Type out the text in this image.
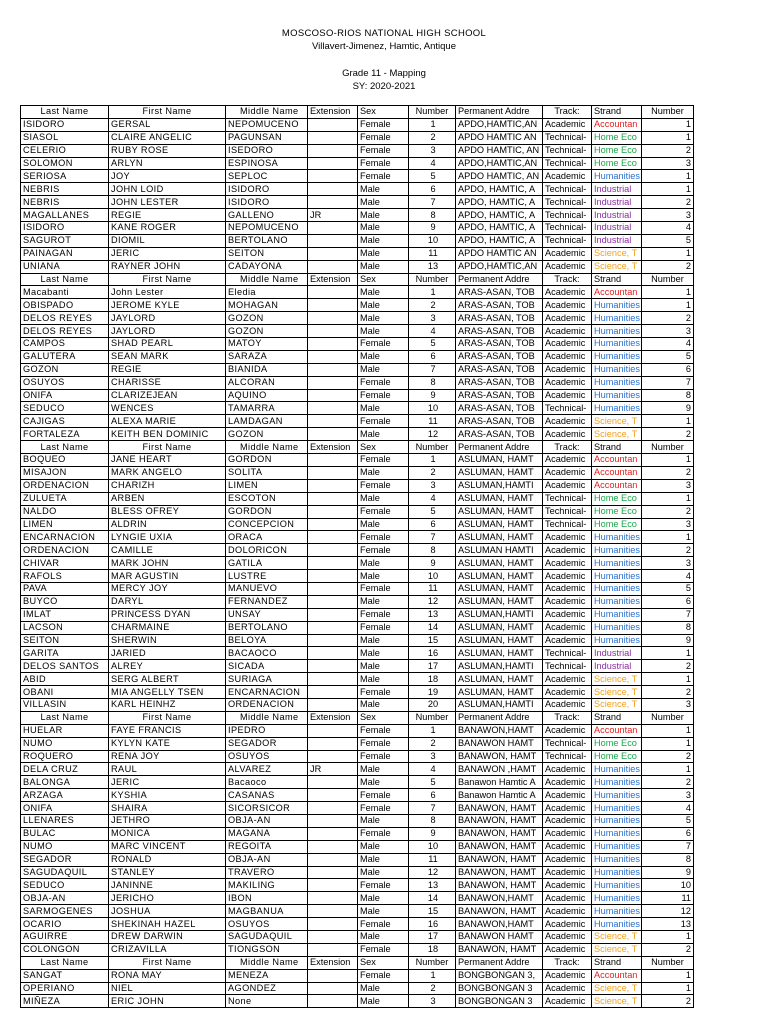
MOSCOSO-RIOS NATIONAL HIGH SCHOOL
Villavert-Jimenez, Hamtic, Antique
Grade 11 - Mapping
SY: 2020-2021
Last Name	First Name	Middle Name	Extension	Sex	Number	Permanent Addre	Track:	Strand	Number
ISIDORO	GERSAL	NEPOMUCENO		Female	1	APDO,HAMTIC,AN	Academic	Accountan	1
SIASOL	CLAIRE ANGELIC	PAGUNSAN		Female	2	APDO HAMTIC AN	Technical-	Home Eco	1
CELERIO	RUBY ROSE	ISEDORO		Female	3	APDO HAMTIC, AN	Technical-	Home Eco	2
SOLOMON	ARLYN	ESPINOSA		Female	4	APDO,HAMTIC,AN	Technical-	Home Eco	3
SERIOSA	JOY	SEPLOC		Female	5	APDO HAMTIC, AN	Academic	Humanities	1
NEBRIS	JOHN LOID	ISIDORO		Male	6	APDO, HAMTIC, A	Technical-	Industrial	1
NEBRIS	JOHN LESTER	ISIDORO		Male	7	APDO, HAMTIC, A	Technical-	Industrial	2
MAGALLANES	REGIE	GALLENO	JR	Male	8	APDO, HAMTIC, A	Technical-	Industrial	3
ISIDORO	KANE ROGER	NEPOMUCENO		Male	9	APDO, HAMTIC, A	Technical-	Industrial	4
SAGUROT	DIOMIL	BERTOLANO		Male	10	APDO, HAMTIC, A	Technical-	Industrial	5
PAINAGAN	JERIC	SEITON		Male	11	APDO HAMTIC AN	Academic	Science, T	1
UNIANA	RAYNER JOHN	CADAYONA		Male	13	APDO,HAMTIC,AN	Academic	Science, T	2
Last Name	First Name	Middle Name	Extension	Sex	Number	Permanent Addre	Track:	Strand	Number
Macabanti	John Lester	Eledia		Male	1	ARAS-ASAN, TOB	Academic	Accountan	1
OBISPADO	JEROME KYLE	MOHAGAN		Male	2	ARAS-ASAN, TOB	Academic	Humanities	1
DELOS REYES	JAYLORD	GOZON		Male	3	ARAS-ASAN, TOB	Academic	Humanities	2
DELOS REYES	JAYLORD	GOZON		Male	4	ARAS-ASAN, TOB	Academic	Humanities	3
CAMPOS	SHAD PEARL	MATOY		Female	5	ARAS-ASAN, TOB	Academic	Humanities	4
GALUTERA	SEAN MARK	SARAZA		Male	6	ARAS-ASAN, TOB	Academic	Humanities	5
GOZON	REGIE	BIANIDA		Male	7	ARAS-ASAN, TOB	Academic	Humanities	6
OSUYOS	CHARISSE	ALCORAN		Female	8	ARAS-ASAN, TOB	Academic	Humanities	7
ONIFA	CLARIZEJEAN	AQUINO		Female	9	ARAS-ASAN, TOB	Academic	Humanities	8
SEDUCO	WENCES	TAMARRA		Male	10	ARAS-ASAN, TOB	Technical-	Humanities	9
CAJIGAS	ALEXA MARIE	LAMDAGAN		Female	11	ARAS-ASAN, TOB	Academic	Science, T	1
FORTALEZA	KEITH BEN DOMINIC	GOZON		Male	12	ARAS-ASAN, TOB	Academic	Science, T	2
Last Name	First Name	Middle Name	Extension	Sex	Number	Permanent Addre	Track:	Strand	Number
BOQUEO	JANE HEART	GORDON		Female	1	ASLUMAN, HAMT	Academic	Accountan	1
MISAJON	MARK ANGELO	SOLITA		Male	2	ASLUMAN, HAMT	Academic	Accountan	2
ORDENACION	CHARIZH	LIMEN		Female	3	ASLUMAN,HAMTI	Academic	Accountan	3
ZULUETA	ARBEN	ESCOTON		Male	4	ASLUMAN, HAMT	Technical-	Home Eco	1
NALDO	BLESS OFREY	GORDON		Female	5	ASLUMAN, HAMT	Technical-	Home Eco	2
LIMEN	ALDRIN	CONCEPCION		Male	6	ASLUMAN, HAMT	Technical-	Home Eco	3
ENCARNACION	LYNGIE UXIA	ORACA		Female	7	ASLUMAN, HAMT	Academic	Humanities	1
ORDENACION	CAMILLE	DOLORICON		Female	8	ASLUMAN HAMTI	Academic	Humanities	2
CHIVAR	MARK JOHN	GATILA		Male	9	ASLUMAN, HAMT	Academic	Humanities	3
RAFOLS	MAR AGUSTIN	LUSTRE		Male	10	ASLUMAN, HAMT	Academic	Humanities	4
PAVA	MERCY JOY	MANUEVO		Female	11	ASLUMAN, HAMT	Academic	Humanities	5
BUYCO	DARYL	FERNANDEZ		Male	12	ASLUMAN, HAMT	Academic	Humanities	6
IMLAT	PRINCESS DYAN	UNSAY		Female	13	ASLUMAN,HAMTI	Academic	Humanities	7
LACSON	CHARMAINE	BERTOLANO		Female	14	ASLUMAN, HAMT	Academic	Humanities	8
SEITON	SHERWIN	BELOYA		Male	15	ASLUMAN, HAMT	Academic	Humanities	9
GARITA	JARIED	BACAOCO		Male	16	ASLUMAN, HAMT	Technical-	Industrial	1
DELOS SANTOS	ALREY	SICADA		Male	17	ASLUMAN,HAMTI	Technical-	Industrial	2
ABID	SERG ALBERT	SURIAGA		Male	18	ASLUMAN, HAMT	Academic	Science, T	1
OBANI	MIA ANGELLY TSEN	ENCARNACION		Female	19	ASLUMAN, HAMT	Academic	Science, T	2
VILLASIN	KARL HEINHZ	ORDENACION		Male	20	ASLUMAN,HAMTI	Academic	Science, T	3
Last Name	First Name	Middle Name	Extension	Sex	Number	Permanent Addre	Track:	Strand	Number
HUELAR	FAYE FRANCIS	IPEDRO		Female	1	BANAWON,HAMT	Academic	Accountan	1
NUMO	KYLYN KATE	SEGADOR		Female	2	BANAWON HAMT	Technical-	Home Eco	1
ROQUERO	RENA JOY	OSUYOS		Female	3	BANAWON, HAMT	Technical-	Home Eco	2
DELA CRUZ	RAUL	ALVAREZ	JR	Male	4	BANAWON ,HAMT	Academic	Humanities	1
BALONGA	JERIC	Bacaoco		Male	5	Banawon Hamtic A	Academic	Humanities	2
ARZAGA	KYSHIA	CASANAS		Female	6	Banawon Hamtic A	Academic	Humanities	3
ONIFA	SHAIRA	SICORSICOR		Female	7	BANAWON, HAMT	Academic	Humanities	4
LLENARES	JETHRO	OBJA-AN		Male	8	BANAWON, HAMT	Academic	Humanities	5
BULAC	MONICA	MAGANA		Female	9	BANAWON, HAMT	Academic	Humanities	6
NUMO	MARC VINCENT	REGOITA		Male	10	BANAWON, HAMT	Academic	Humanities	7
SEGADOR	RONALD	OBJA-AN		Male	11	BANAWON, HAMT	Academic	Humanities	8
SAGUDAQUIL	STANLEY	TRAVERO		Male	12	BANAWON, HAMT	Academic	Humanities	9
SEDUCO	JANINNE	MAKILING		Female	13	BANAWON, HAMT	Academic	Humanities	10
OBJA-AN	JERICHO	IBON		Male	14	BANAWON,HAMT	Academic	Humanities	11
SARMOGENES	JOSHUA	MAGBANUA		Male	15	BANAWON, HAMT	Academic	Humanities	12
OCARIO	SHEKINAH HAZEL	OSUYOS		Female	16	BANAWON,HAMT	Academic	Humanities	13
AGUIRRE	DREW DARWIN	SAGUDAQUIL		Male	17	BANAWON HAMT	Academic	Science, T	1
COLONGON	CRIZAVILLA	TIONGSON		Female	18	BANAWON, HAMT	Academic	Science, T	2
Last Name	First Name	Middle Name	Extension	Sex	Number	Permanent Addre	Track:	Strand	Number
SANGAT	RONA MAY	MENEZA		Female	1	BONGBONGAN 3,	Academic	Accountan	1
OPERIANO	NIEL	AGONDEZ		Male	2	BONGBONGAN 3	Academic	Science, T	1
MIÑEZA	ERIC JOHN	None		Male	3	BONGBONGAN 3	Academic	Science, T	2
